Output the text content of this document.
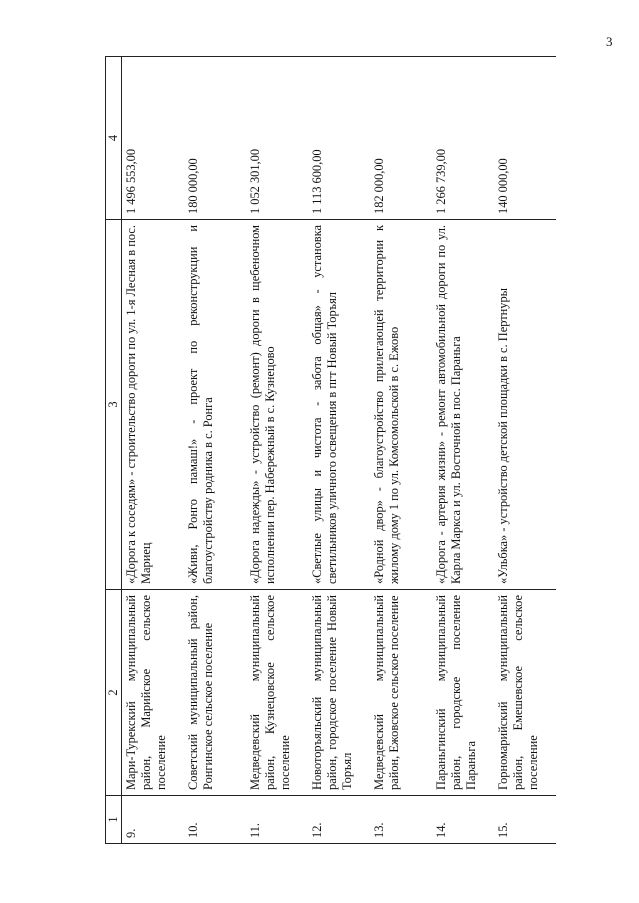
3
1	2	3	4
9.	Мари-Турекский муниципальный район, Марийское сельское поселение	«Дорога к соседям» - строительство дороги по ул. 1-я Лесная в пос. Мариец	1 496 553,00
10.	Советский муниципальный район, Ронгинское сельское поселение	«Живи, Ронго памаш!» - проект по реконструкции и благоустройству родника в с. Ронга	180 000,00
11.	Медведевский муниципальный район, Кузнецовское сельское поселение	«Дорога надежды» - устройство (ремонт) дороги в щебеночном исполнении пер. Набережный в с. Кузнецово	1 052 301,00
12.	Новоторъяльский муниципальный район, городское поселение Новый Торъял	«Светлые улицы и чистота - забота общая» - установка светильников уличного освещения в пгт Новый Торъял	1 113 600,00
13.	Медведевский муниципальный район, Ежовское сельское поселение	«Родной двор» - благоустройство прилегающей территории к жилому дому 1 по ул. Комсомольской в с. Ежово	182 000,00
14.	Параньгинский муниципальный район, городское поселение Параньга	«Дорога - артерия жизни» - ремонт автомобильной дороги по ул. Карла Маркса и ул. Восточной в пос. Параньга	1 266 739,00
15.	Горномарийский муниципальный район, Емешевское сельское поселение	«Ульбка» - устройство детской площадки в с. Пертнуры	140 000,00
